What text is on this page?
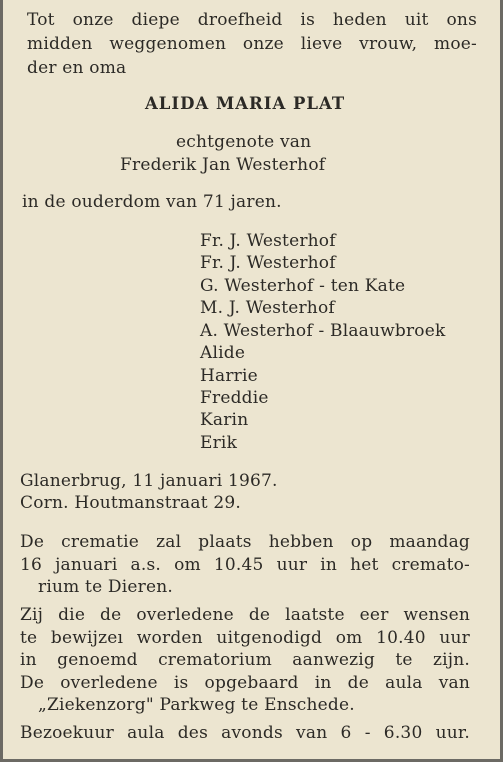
Tot onze diepe droefheid is heden uit ons
midden weggenomen onze lieve vrouw, moe-
der en oma
ALIDA MARIA PLAT
echtgenote van
Frederik Jan Westerhof
in de ouderdom van 71 jaren.
Fr. J. Westerhof
Fr. J. Westerhof
G. Westerhof - ten Kate
M. J. Westerhof
A. Westerhof - Blaauwbroek
Alide
Harrie
Freddie
Karin
Erik
Glanerbrug, 11 januari 1967.
Corn. Houtmanstraat 29.
De crematie zal plaats hebben op maandag
16 januari a.s. om 10.45 uur in het cremato-
rium te Dieren.
Zij die de overledene de laatste eer wensen
te bewijzeı worden uitgenodigd om 10.40 uur
in genoemd crematorium aanwezig te zijn.
De overledene is opgebaard in de aula van
„Ziekenzorg" Parkweg te Enschede.
Bezoekuur aula des avonds van 6 - 6.30 uur.
